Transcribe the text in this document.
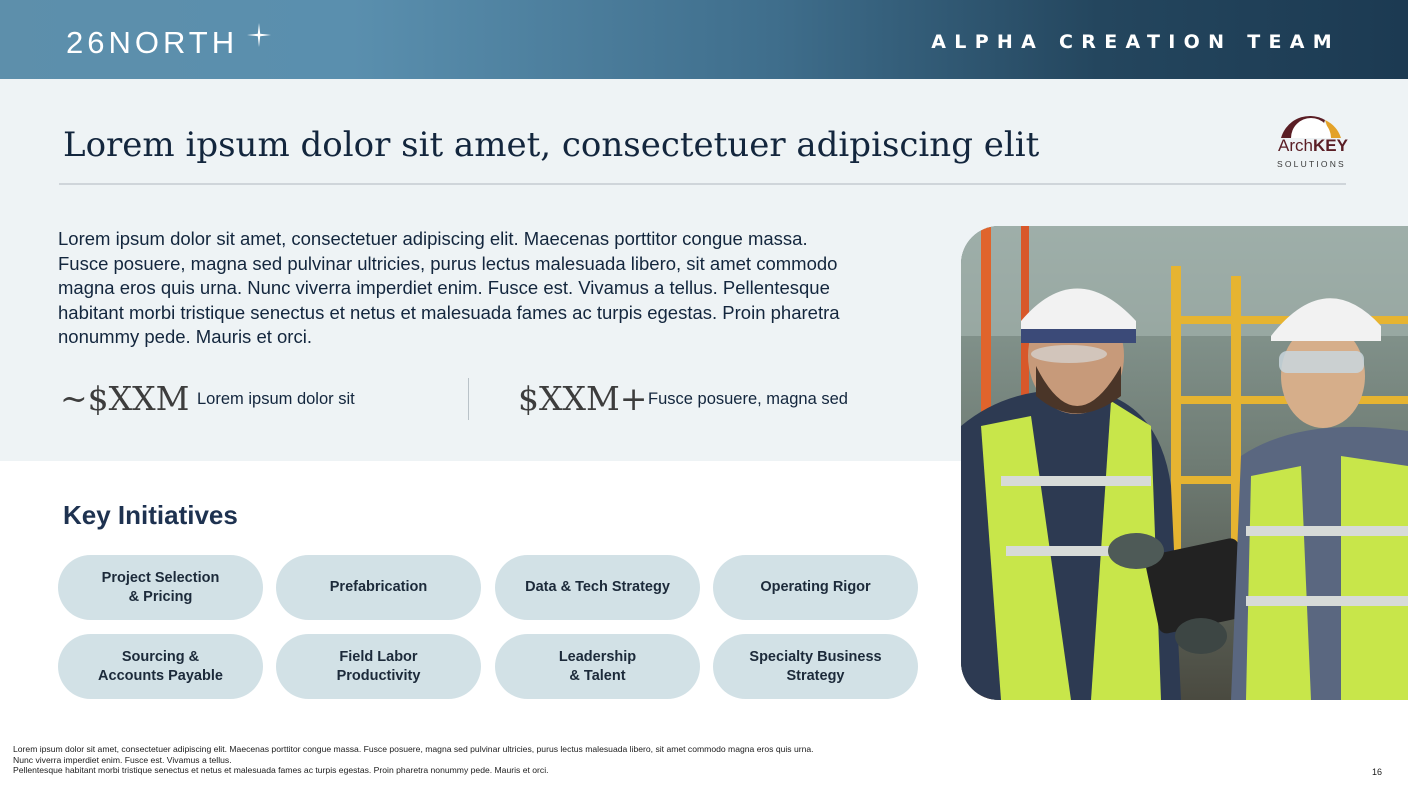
26NORTH	ALPHA CREATION TEAM
Lorem ipsum dolor sit amet, consectetuer adipiscing elit	ArchKEY
SOLUTIONS
Lorem ipsum dolor sit amet, consectetuer adipiscing elit. Maecenas porttitor congue massa. Fusce posuere, magna sed pulvinar ultricies, purus lectus malesuada libero, sit amet commodo magna eros quis urna. Nunc viverra imperdiet enim. Fusce est. Vivamus a tellus. Pellentesque habitant morbi tristique senectus et netus et malesuada fames ac turpis egestas. Proin pharetra nonummy pede. Mauris et orci.
~$XXM Lorem ipsum dolor sit	$XXM+ Fusce posuere, magna sed
Key Initiatives
Project Selection
& Pricing
Prefabrication	Data & Tech Strategy	Operating Rigor
Sourcing &
Accounts Payable
Field Labor
Productivity
Leadership
& Talent
Specialty Business
Strategy
Lorem ipsum dolor sit amet, consectetuer adipiscing elit. Maecenas porttitor congue massa. Fusce posuere, magna sed pulvinar ultricies, purus lectus malesuada libero, sit amet commodo magna eros quis urna.
Nunc viverra imperdiet enim. Fusce est. Vivamus a tellus.
Pellentesque habitant morbi tristique senectus et netus et malesuada fames ac turpis egestas. Proin pharetra nonummy pede. Mauris et orci.	16
